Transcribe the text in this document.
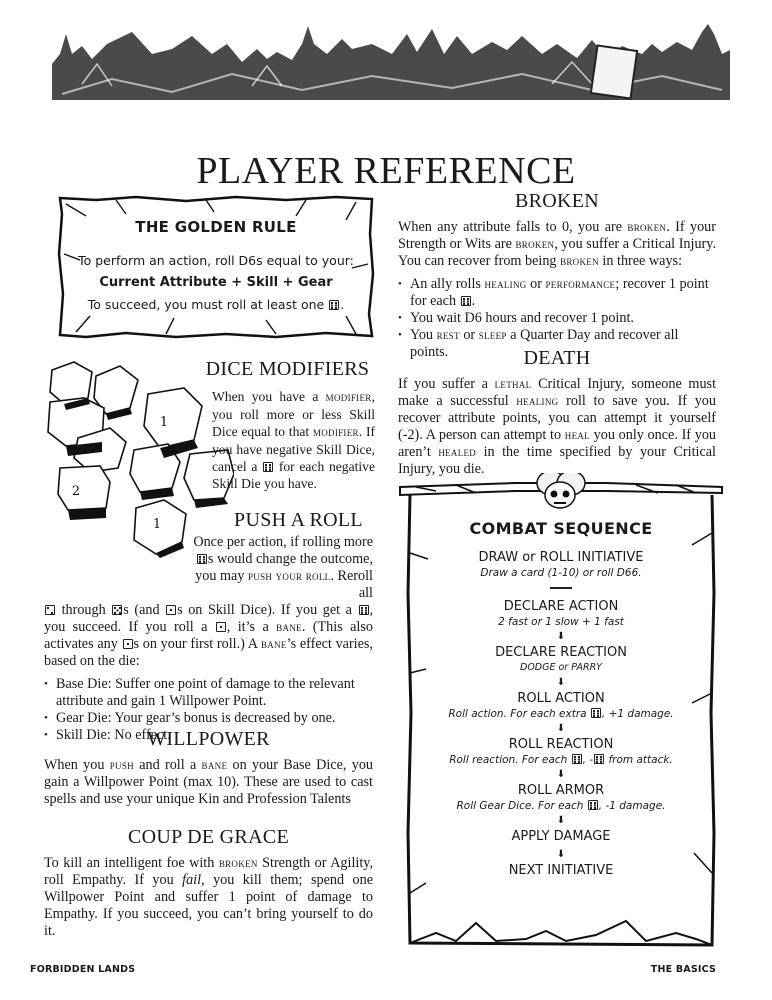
PLAYER REFERENCE
THE GOLDEN RULE
To perform an action, roll D6s equal to your:
Current Attribute + Skill + Gear
To succeed, you must roll at least one .
2
1
1
DICE MODIFIERS
When you have a modifier, you roll more or less Skill Dice equal to that modifier. If you have negative Skill Dice, cancel a for each negative Skill Die you have.
PUSH A ROLL
Once per action, if rolling more s would change the outcome, you may push your roll. Reroll all
through s (and s on Skill Dice). If you get a , you succeed. If you roll a , it’s a bane. (This also activates any s on your first roll.) A bane’s effect varies, based on the die:
• Base Die: Suffer one point of damage to the relevant attribute and gain 1 Willpower Point.
• Gear Die: Your gear’s bonus is decreased by one.
• Skill Die: No effect.
WILLPOWER
When you push and roll a bane on your Base Dice, you gain a Willpower Point (max 10). These are used to cast spells and use your unique Kin and Profession Talents
COUP DE GRACE
To kill an intelligent foe with broken Strength or Agility, roll Empathy. If you fail, you kill them; spend one Willpower Point and suffer 1 point of damage to Empathy. If you succeed, you can’t bring yourself to do it.
BROKEN
When any attribute falls to 0, you are broken. If your Strength or Wits are broken, you suffer a Critical Injury. You can recover from being broken in three ways:
• An ally rolls healing or performance; recover 1 point for each .
• You wait D6 hours and recover 1 point.
• You rest or sleep a Quarter Day and recover all points.	DEATH
If you suffer a lethal Critical Injury, someone must make a successful healing roll to save you. If you recover attribute points, you can attempt it yourself (-2). A person can attempt to heal you only once. If you aren’t healed in the time specified by your Critical Injury, you die.
COMBAT SEQUENCE
DRAW or ROLL INITIATIVE
Draw a card (1-10) or roll D66.
DECLARE ACTION
2 fast or 1 slow + 1 fast
⬇
DECLARE REACTION
DODGE or PARRY
⬇
ROLL ACTION
Roll action. For each extra , +1 damage.
⬇
ROLL REACTION
Roll reaction. For each , - from attack.
⬇
ROLL ARMOR
Roll Gear Dice. For each , -1 damage.
⬇
APPLY DAMAGE
⬇
NEXT INITIATIVE
FORBIDDEN LANDS	THE BASICS
